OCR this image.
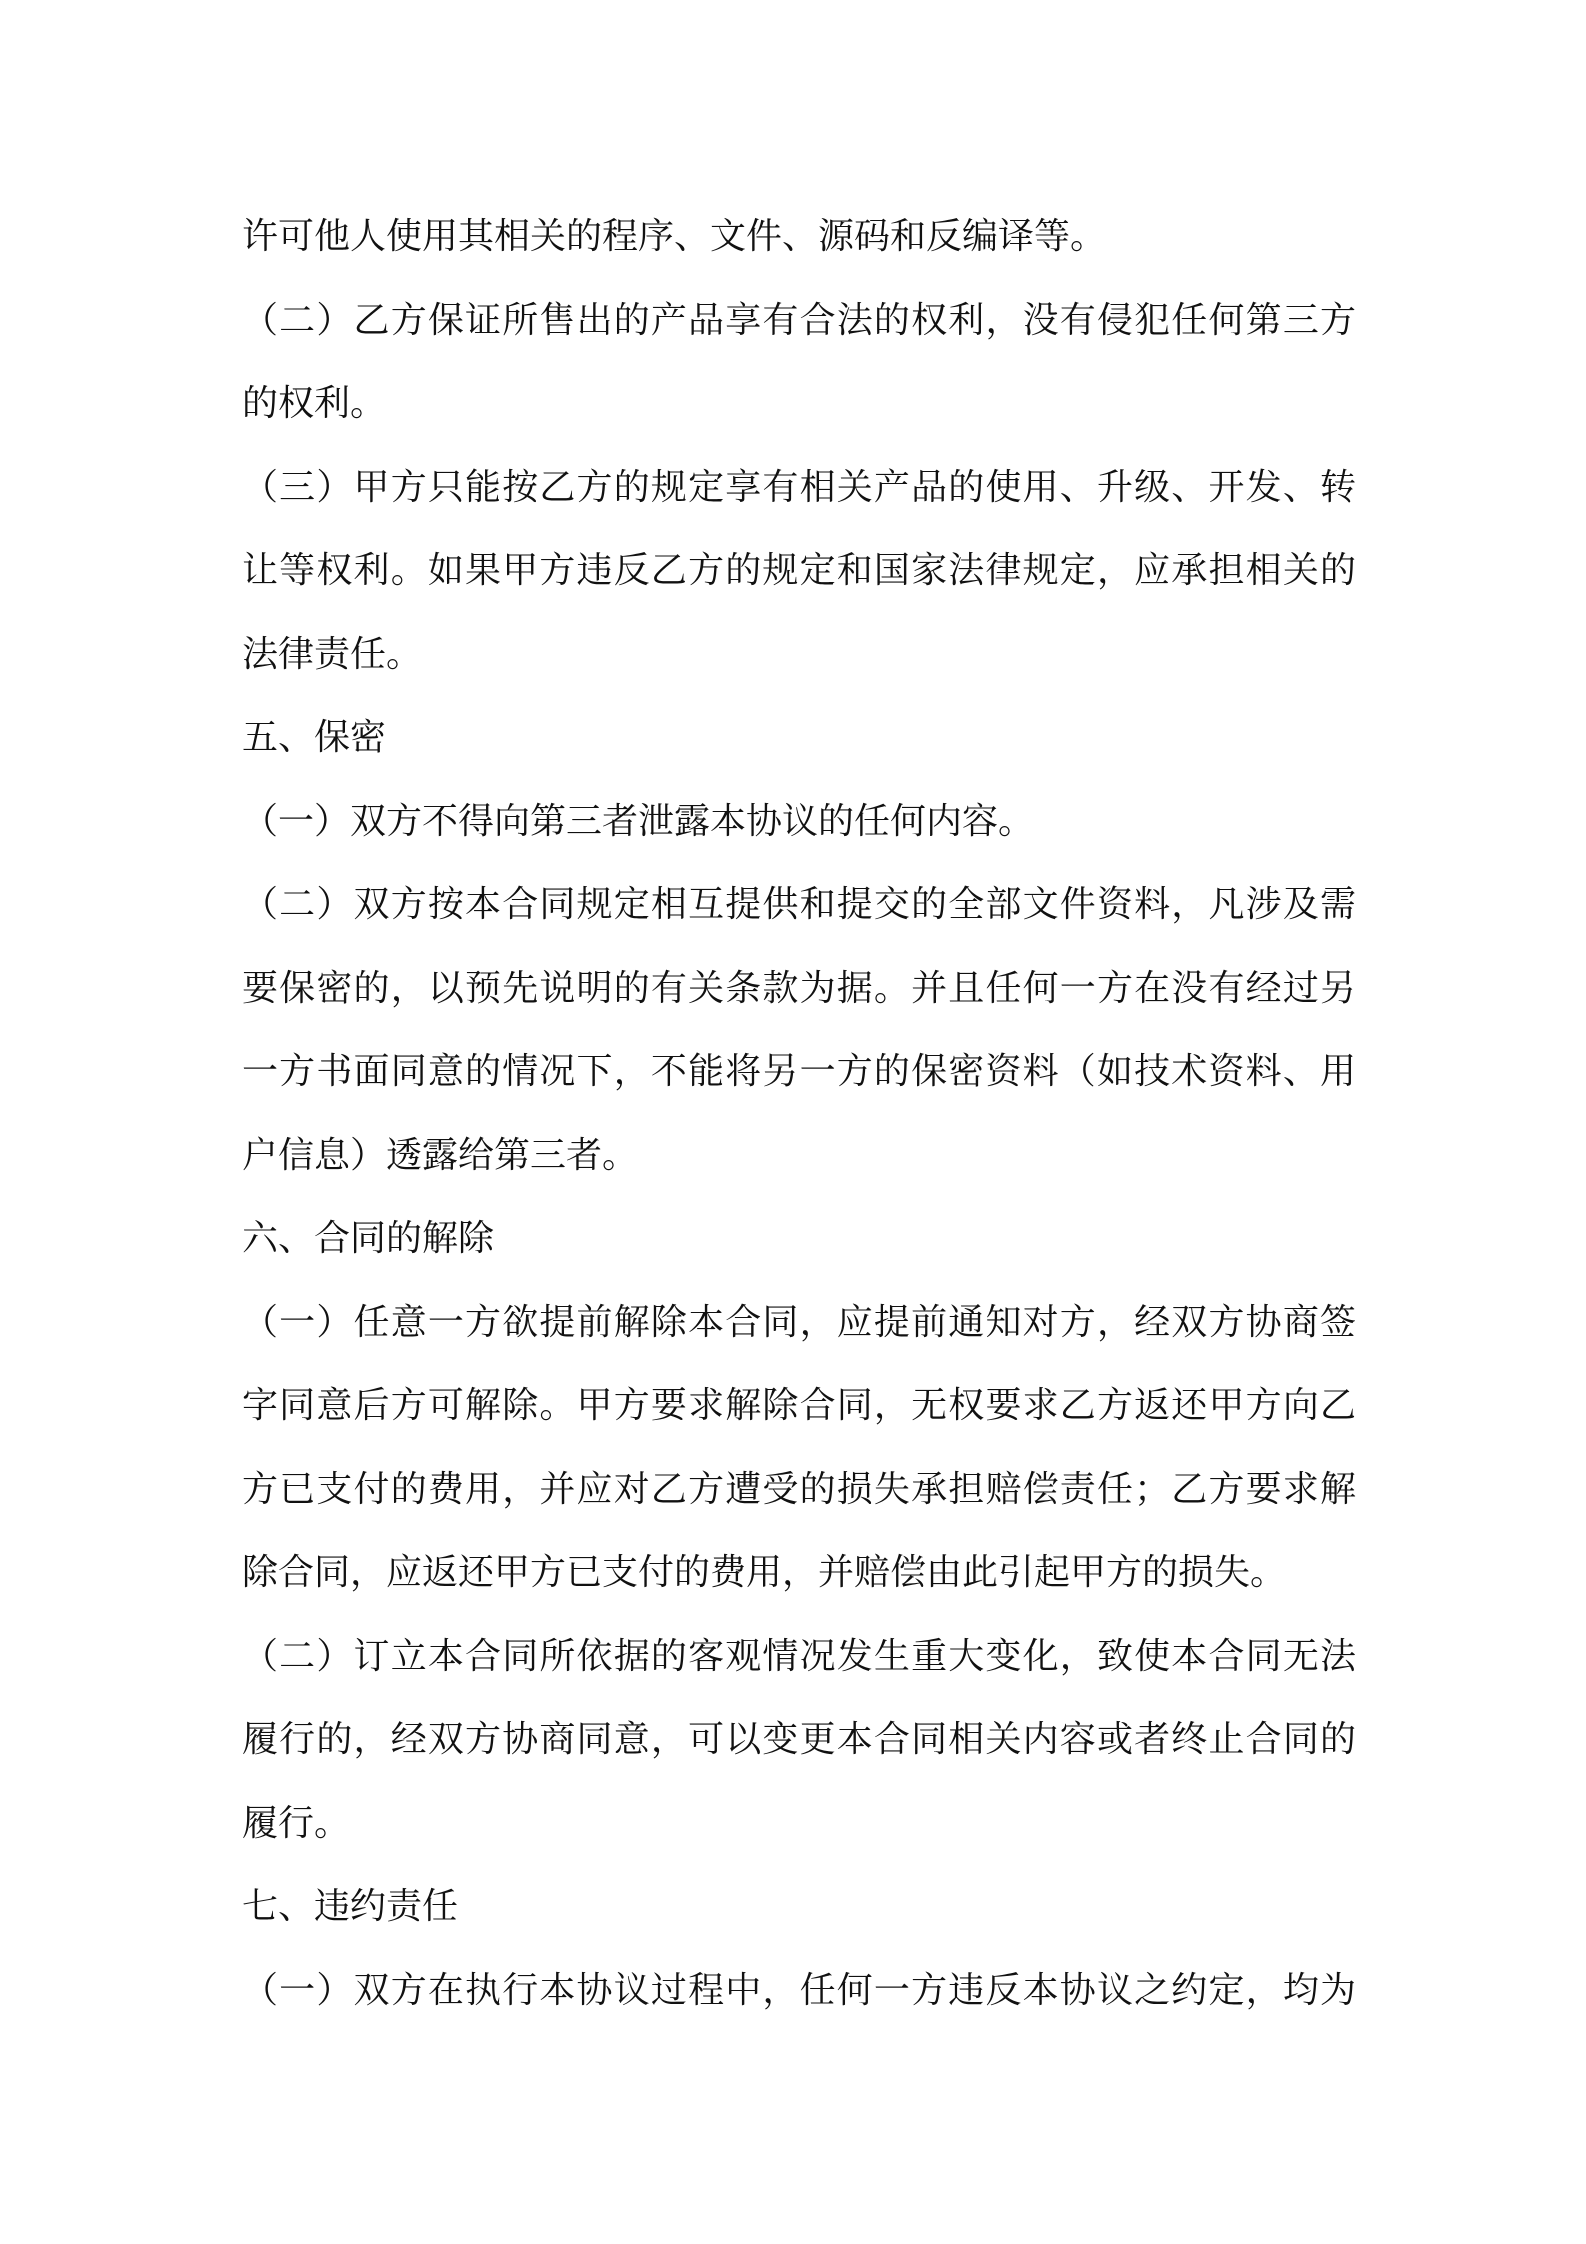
许可他人使用其相关的程序、文件、源码和反编译等。
（二）乙方保证所售出的产品享有合法的权利，没有侵犯任何第三方
的权利。
（三）甲方只能按乙方的规定享有相关产品的使用、升级、开发、转
让等权利。如果甲方违反乙方的规定和国家法律规定，应承担相关的
法律责任。
五、保密
（一）双方不得向第三者泄露本协议的任何内容。
（二）双方按本合同规定相互提供和提交的全部文件资料，凡涉及需
要保密的，以预先说明的有关条款为据。并且任何一方在没有经过另
一方书面同意的情况下，不能将另一方的保密资料（如技术资料、用
户信息）透露给第三者。
六、合同的解除
（一）任意一方欲提前解除本合同，应提前通知对方，经双方协商签
字同意后方可解除。甲方要求解除合同，无权要求乙方返还甲方向乙
方已支付的费用，并应对乙方遭受的损失承担赔偿责任；乙方要求解
除合同，应返还甲方已支付的费用，并赔偿由此引起甲方的损失。
（二）订立本合同所依据的客观情况发生重大变化，致使本合同无法
履行的，经双方协商同意，可以变更本合同相关内容或者终止合同的
履行。
七、违约责任
（一）双方在执行本协议过程中，任何一方违反本协议之约定，均为
